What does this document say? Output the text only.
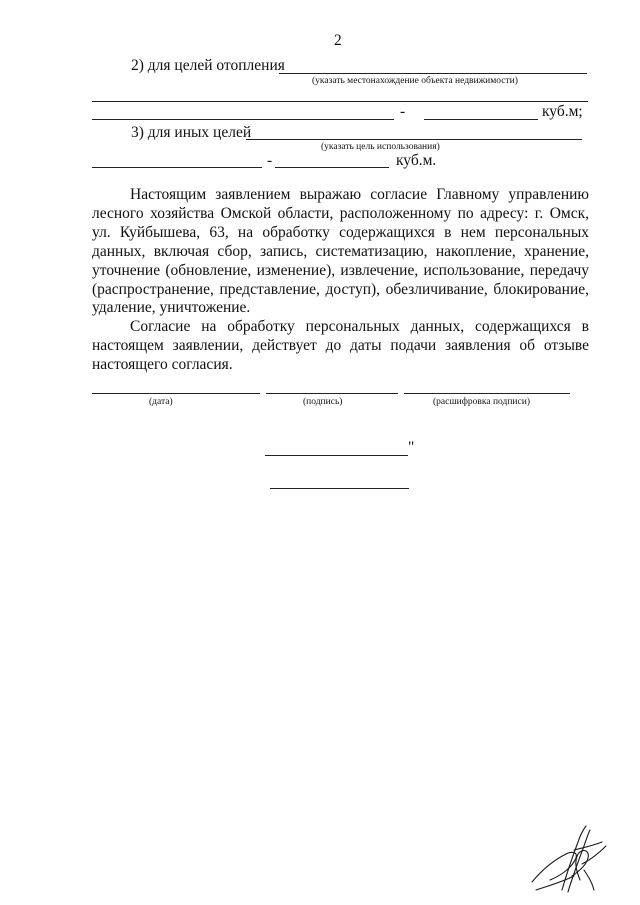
2
2) для целей отопления
(указать местонахождение объекта недвижимости)
-	куб.м;
3) для иных целей
(указать цель использования)
-	куб.м.
Настоящим заявлением выражаю согласие Главному управлению лесного хозяйства Омской области, расположенному по адресу: г. Омск, ул. Куйбышева, 63, на обработку содержащихся в нем персональных данных, включая сбор, запись, систематизацию, накопление, хранение, уточнение (обновление, изменение), извлечение, использование, передачу (распространение, представление, доступ), обезличивание, блокирование, удаление, уничтожение.
Согласие на обработку персональных данных, содержащихся в настоящем заявлении, действует до даты подачи заявления об отзыве настоящего согласия.
(дата)	(подпись)	(расшифровка подписи)
"
